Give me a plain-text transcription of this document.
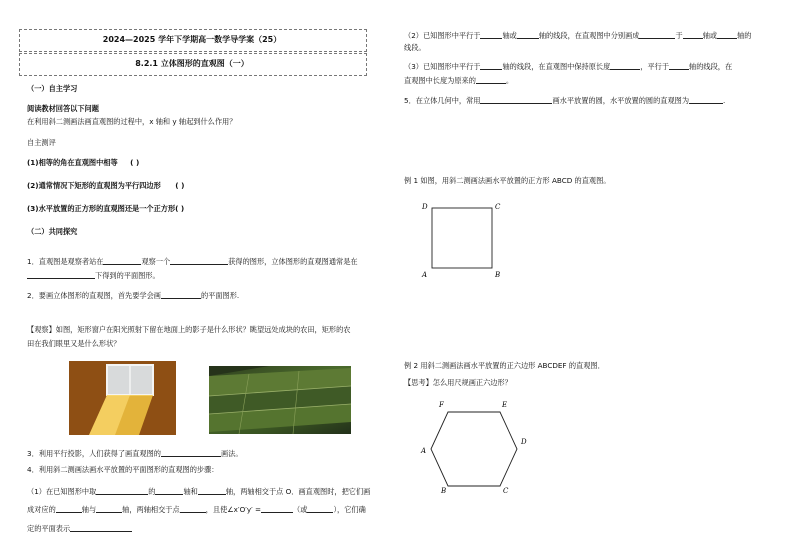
2024—2025 学年下学期高一数学导学案（25）
8.2.1 立体图形的直观图（一）
（一）自主学习
阅读教材回答以下问题
在利用斜二测画法画直观图的过程中，x 轴和 y 轴起到什么作用？
自主测评
(1)相等的角在直观图中相等 ( )
(2)通常情况下矩形的直观图为平行四边形 ( )
(3)水平放置的正方形的直观图还是一个正方形( )
（二）共同探究
1．直观图是观察者站在	观察一个	获得的图形，立体图形的直观图通常是在
下得到的平面图形。
2．要画立体图形的直观图，首先要学会画	的平面图形.
【观察】如图，矩形窗户在阳光照射下留在地面上的影子是什么形状？眺望远处成块的农田，矩形的农
田在我们眼里又是什么形状？
3．利用平行投影，人们获得了画直观图的	画法。
4．利用斜二测画法画水平放置的平面图形的直观图的步骤：
（1）在已知图形中取	的	轴和	轴，两轴相交于点 O．画直观图时，把它们画
成对应的	轴与	轴，两轴相交于点	，且使∠x′O′y′ =	（或	），它们确
定的平面表示
（2）已知图形中平行于	轴或	轴的线段，在直观图中分别画成	于	轴或	轴的
线段。
（3）已知图形中平行于	轴的线段，在直观图中保持原长度	，平行于	轴的线段，在
直观图中长度为原来的	。
5．在立体几何中，常用	画水平放置的圆，水平放置的圆的直观图为	.
例 1 如图，用斜二测画法画水平放置的正方形 ABCD 的直观图。
D	C
A	B
例 2 用斜二测画法画水平放置的正六边形 ABCDEF 的直观图．
【思考】怎么用尺规画正六边形？
F	E
D
A
B	C
